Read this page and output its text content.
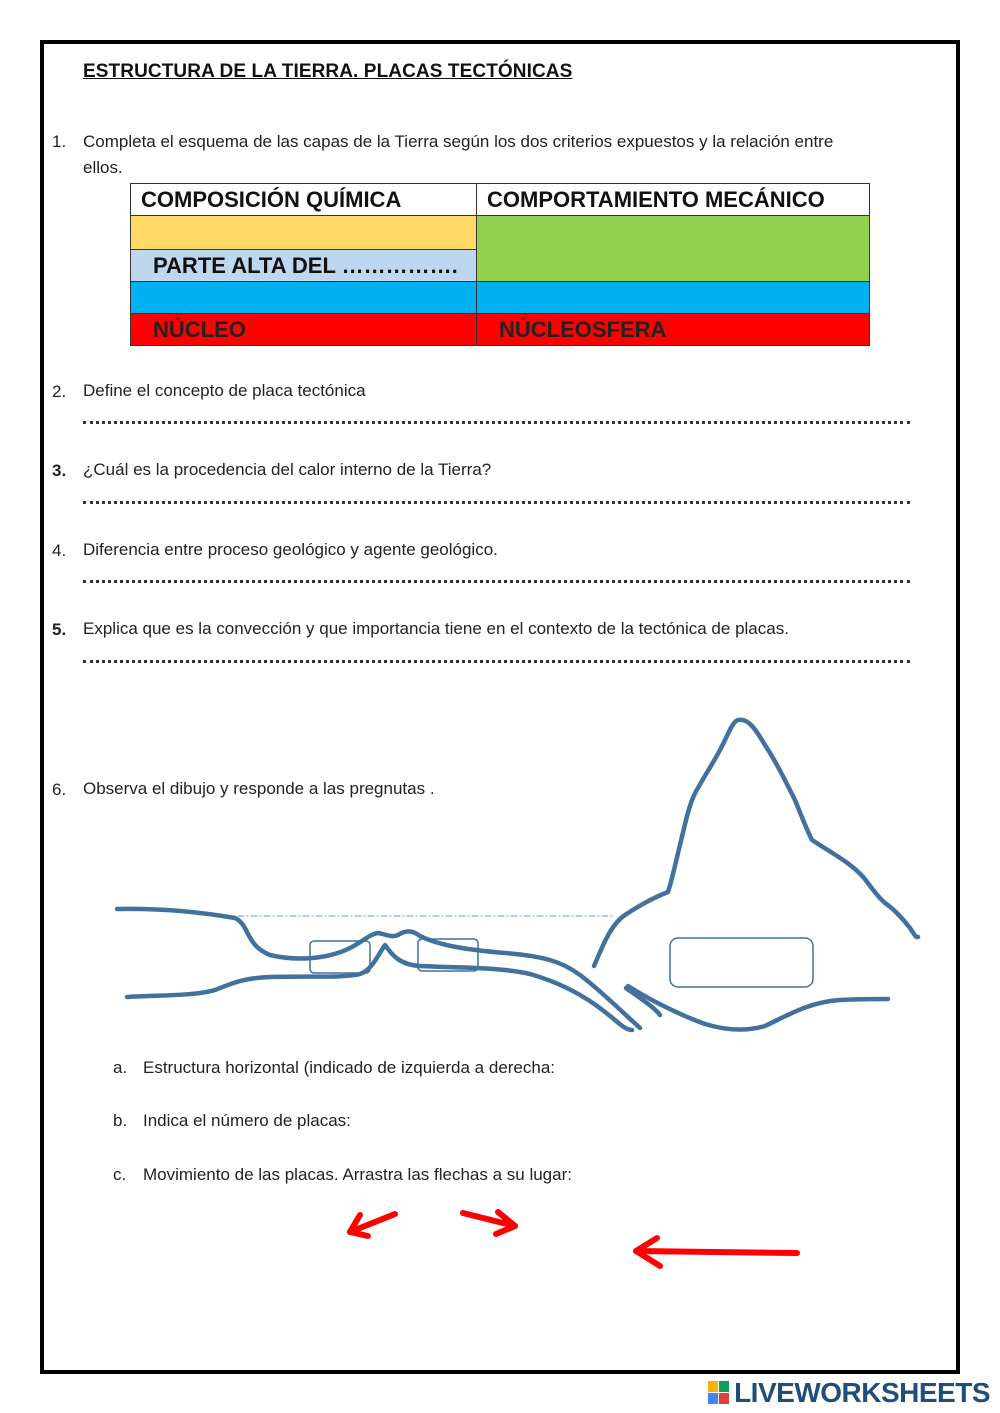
ESTRUCTURA DE LA TIERRA. PLACAS TECTÓNICAS
1. Completa el esquema de las capas de la Tierra según los dos criterios expuestos y la relación entre
ellos.
COMPOSICIÓN QUÍMICA	COMPORTAMIENTO MECÁNICO

PARTE ALTA DEL …………….	

NÚCLEO	NÚCLEOSFERA
2. Define el concepto de placa tectónica
3. ¿Cuál es la procedencia del calor interno de la Tierra?
4. Diferencia entre proceso geológico y agente geológico.
5. Explica que es la convección y que importancia tiene en el contexto de la tectónica de placas.
6. Observa el dibujo y responde a las pregnutas .
a. Estructura horizontal (indicado de izquierda a derecha:
b. Indica el número de placas:
c. Movimiento de las placas. Arrastra las flechas a su lugar:
LIVEWORKSHEETS
